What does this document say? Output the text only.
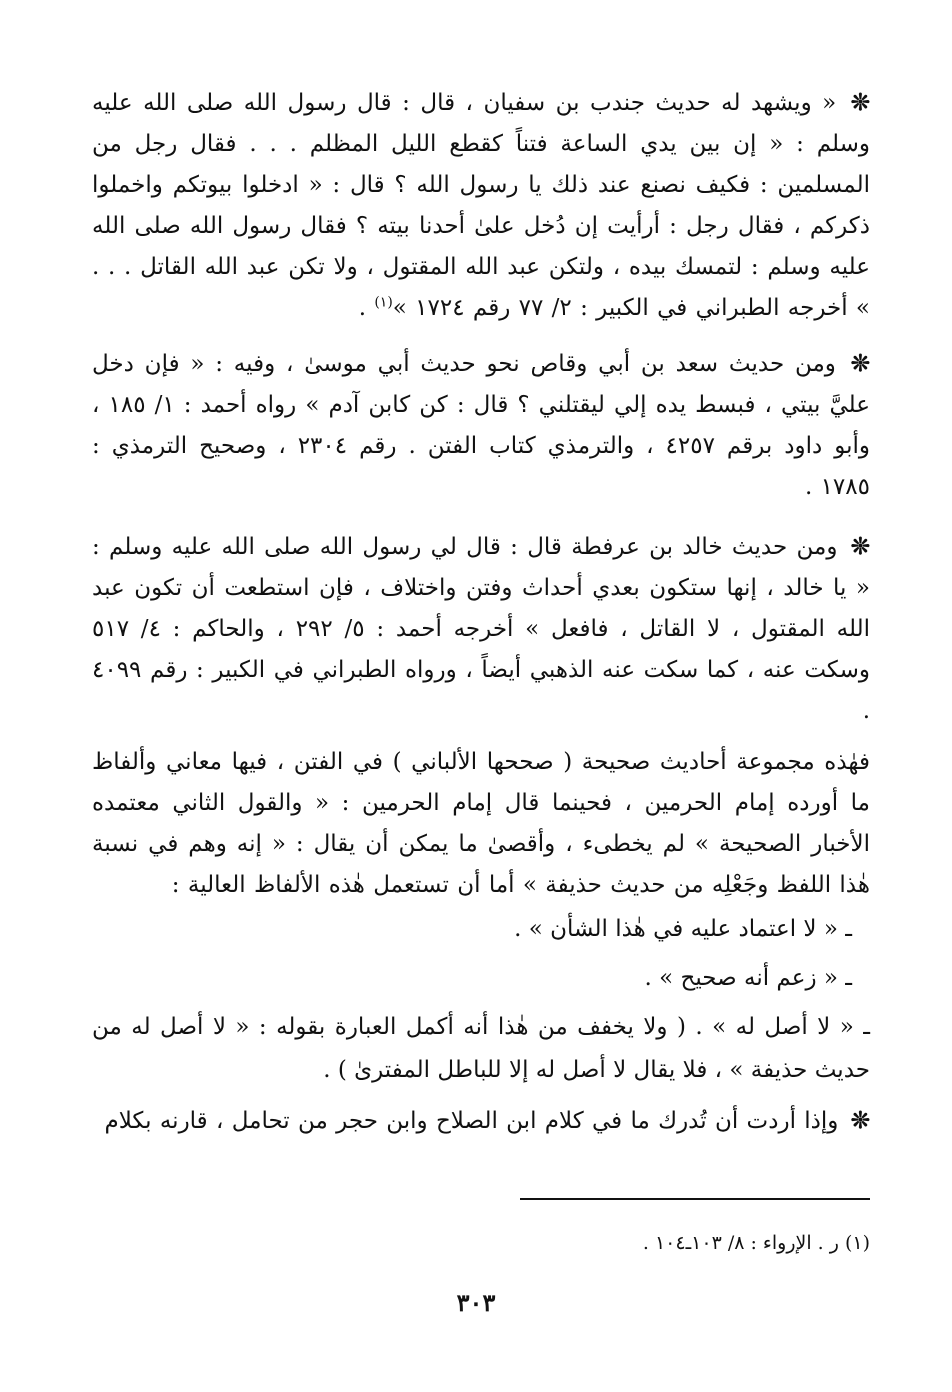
❊ « ويشهد له حديث جندب بن سفيان ، قال : قال رسول الله صلى الله عليه وسلم : « إن بين يدي الساعة فتناً كقطع الليل المظلم . . . فقال رجل من المسلمين : فكيف نصنع عند ذلك يا رسول الله ؟ قال : « ادخلوا بيوتكم واخملوا ذكركم ، فقال رجل : أرأيت إن دُخل علىٰ أحدنا بيته ؟ فقال رسول الله صلى الله عليه وسلم : لتمسك بيده ، ولتكن عبد الله المقتول ، ولا تكن عبد الله القاتل . . . » أخرجه الطبراني في الكبير : ٢/ ٧٧ رقم ١٧٢٤ »$^{(١)}$ .

❊ ومن حديث سعد بن أبي وقاص نحو حديث أبي موسىٰ ، وفيه : « فإن دخل عليَّ بيتي ، فبسط يده إلي ليقتلني ؟ قال : كن كابن آدم » رواه أحمد : ١/ ١٨٥ ، وأبو داود برقم ٤٢٥٧ ، والترمذي كتاب الفتن . رقم ٢٣٠٤ ، وصحيح الترمذي : ١٧٨٥ .

❊ ومن حديث خالد بن عرفطة قال : قال لي رسول الله صلى الله عليه وسلم : « يا خالد ، إنها ستكون بعدي أحداث وفتن واختلاف ، فإن استطعت أن تكون عبد الله المقتول ، لا القاتل ، فافعل » أخرجه أحمد : ٥/ ٢٩٢ ، والحاكم : ٤/ ٥١٧ وسكت عنه ، كما سكت عنه الذهبي أيضاً ، ورواه الطبراني في الكبير : رقم ٤٠٩٩ .

فهٰذه مجموعة أحاديث صحيحة ( صححها الألباني ) في الفتن ، فيها معاني وألفاظ ما أورده إمام الحرمين ، فحينما قال إمام الحرمين : « والقول الثاني معتمده الأخبار الصحيحة » لم يخطىء ، وأقصىٰ ما يمكن أن يقال : « إنه وهم في نسبة هٰذا اللفظ وجَعْلِه من حديث حذيفة » أما أن تستعمل هٰذه الألفاظ العالية :

ـ « لا اعتماد عليه في هٰذا الشأن » .

ـ « زعم أنه صحيح » .

ـ « لا أصل له » . ( ولا يخفف من هٰذا أنه أكمل العبارة بقوله : « لا أصل له من حديث حذيفة » ، فلا يقال لا أصل له إلا للباطل المفترىٰ ) .

❊ وإذا أردت أن تُدرك ما في كلام ابن الصلاح وابن حجر من تحامل ، قارنه بكلام

(١) ر . الإرواء : ٨/ ١٠٣ـ١٠٤ .
٣٠٣
